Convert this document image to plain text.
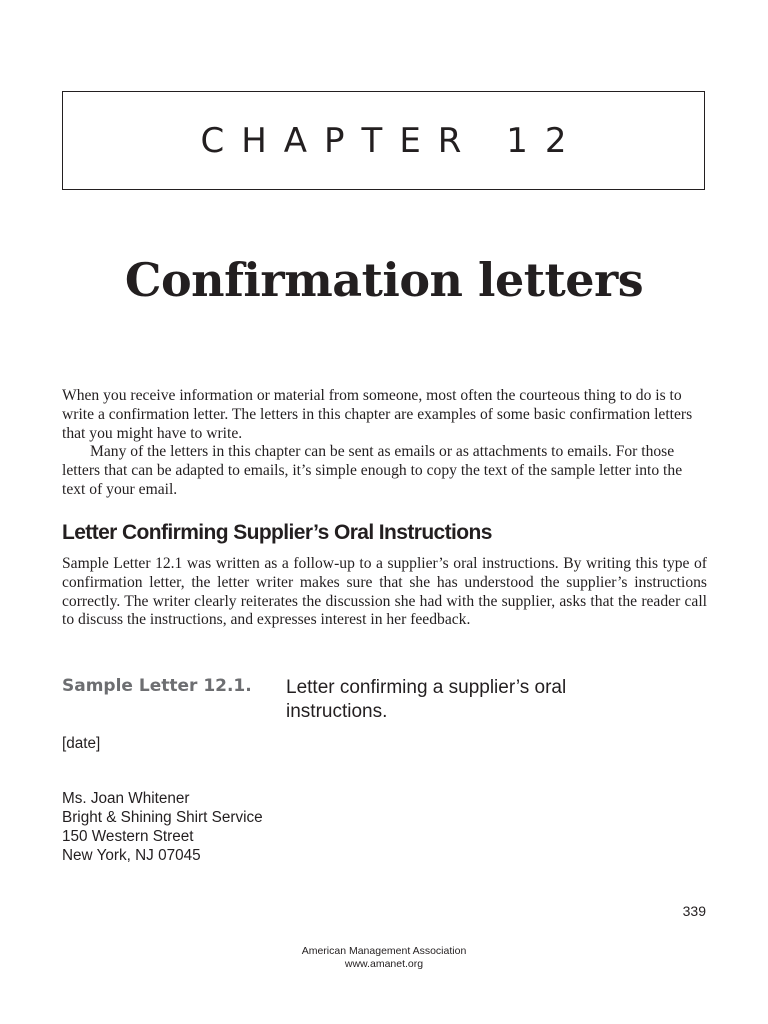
CHAPTER 12
Confirmation letters

When you receive information or material from someone, most often the courteous thing to do is to write a confirmation letter. The letters in this chapter are examples of some basic confirmation letters that you might have to write.

Many of the letters in this chapter can be sent as emails or as attachments to emails. For those letters that can be adapted to emails, it’s simple enough to copy the text of the sample letter into the text of your email.

Letter Confirming Supplier’s Oral Instructions

Sample Letter 12.1 was written as a follow-up to a supplier’s oral instructions. By writing this type of confirmation letter, the letter writer makes sure that she has understood the supplier’s instructions correctly. The writer clearly reiterates the discussion she had with the supplier, asks that the reader call to discuss the instructions, and expresses interest in her feedback.

Sample Letter 12.1. Letter confirming a supplier’s oral instructions.

[date]

Ms. Joan Whitener
Bright & Shining Shirt Service
150 Western Street
New York, NJ 07045

339

American Management Association
www.amanet.org
